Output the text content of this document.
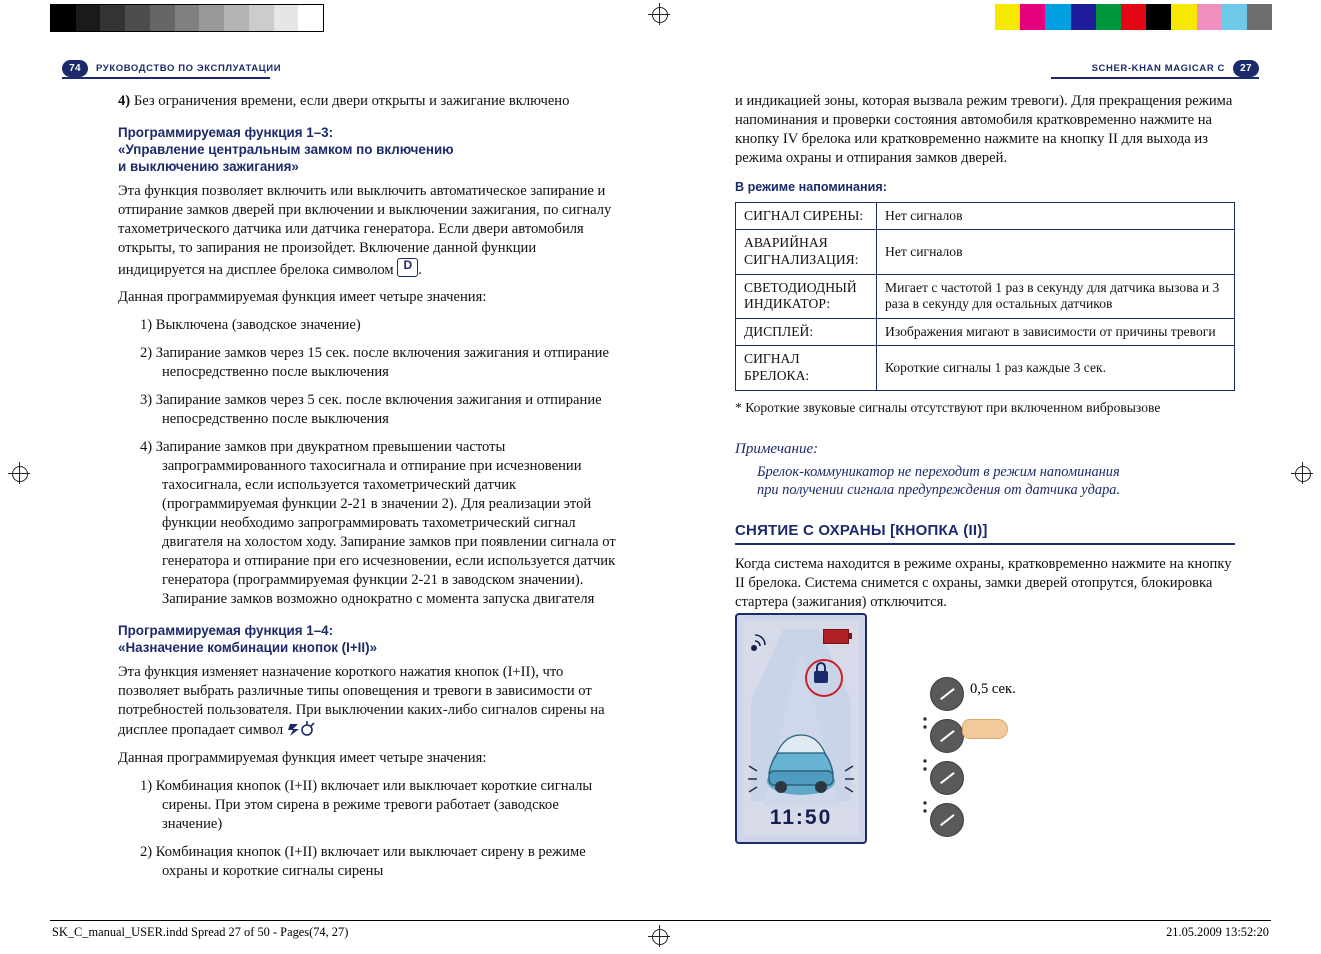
74	РУКОВОДСТВО ПО ЭКСПЛУАТАЦИИ	SCHER-KHAN MAGICAR C	27

4) Без ограничения времени, если двери открыты и зажигание включено

Программируемая функция 1–3:
«Управление центральным замком по включению
и выключению зажигания»

Эта функция позволяет включить или выключить автоматическое запирание и отпирание замков дверей при включении и выключении зажигания, по сигналу тахометрического датчика или датчика генератора. Если двери автомобиля открыты, то запирания не произойдет. Включение данной функции индицируется на дисплее брелока символом D .

Данная программируемая функция имеет четыре значения:

1) Выключена (заводское значение)

2) Запирание замков через 15 сек. после включения зажигания и отпирание непосредственно после выключения

3) Запирание замков через 5 сек. после включения зажигания и отпирание непосредственно после выключения

4) Запирание замков при двукратном превышении частоты запрограммированного тахосигнала и отпирание при исчезновении тахосигнала, если используется тахометрический датчик (программируемая функции 2-21 в значении 2). Для реализации этой функции необходимо запрограммировать тахометрический сигнал двигателя на холостом ходу. Запирание замков при появлении сигнала от генератора и отпирание при его исчезновении, если используется датчик генератора (программируемая функции 2-21 в заводском значении). Запирание замков возможно однократно с момента запуска двигателя

Программируемая функция 1–4:
«Назначение комбинации кнопок (I+II)»

Эта функция изменяет назначение короткого нажатия кнопок (I+II), что позволяет выбрать различные типы оповещения и тревоги в зависимости от потребностей пользователя. При выключении каких-либо сигналов сирены на дисплее пропадает символ

Данная программируемая функция имеет четыре значения:

1) Комбинация кнопок (I+II) включает или выключает короткие сигналы сирены. При этом сирена в режиме тревоги работает (заводское значение)

2) Комбинация кнопок (I+II) включает или выключает сирену в режиме охраны и короткие сигналы сирены

и индикацией зоны, которая вызвала режим тревоги). Для прекращения режима напоминания и проверки состояния автомобиля кратковременно нажмите на кнопку IV брелока или кратковременно нажмите на кнопку II для выхода из режима охраны и отпирания замков дверей.

В режиме напоминания:
СИГНАЛ СИРЕНЫ:	Нет сигналов
АВАРИЙНАЯ СИГНАЛИЗАЦИЯ:	Нет сигналов
СВЕТОДИОДНЫЙ ИНДИКАТОР:	Мигает с частотой 1 раз в секунду для датчика вызова и 3 раза в секунду для остальных датчиков
ДИСПЛЕЙ:	Изображения мигают в зависимости от причины тревоги
СИГНАЛ БРЕЛОКА:	Короткие сигналы 1 раз каждые 3 сек.

* Короткие звуковые сигналы отсутствуют при включенном вибровызове

Примечание:

Брелок-коммуникатор не переходит в режим напоминания

при получении сигнала предупреждения от датчика удара.

СНЯТИЕ С ОХРАНЫ [КНОПКА (II)]

Когда система находится в режиме охраны, кратковременно нажмите на кнопку II брелока. Система снимется с охраны, замки дверей отопрутся, блокировка стартера (зажигания) отключится.

11:50
0,5 сек.
SK_C_manual_USER.indd Spread 27 of 50 - Pages(74, 27)	21.05.2009 13:52:20
